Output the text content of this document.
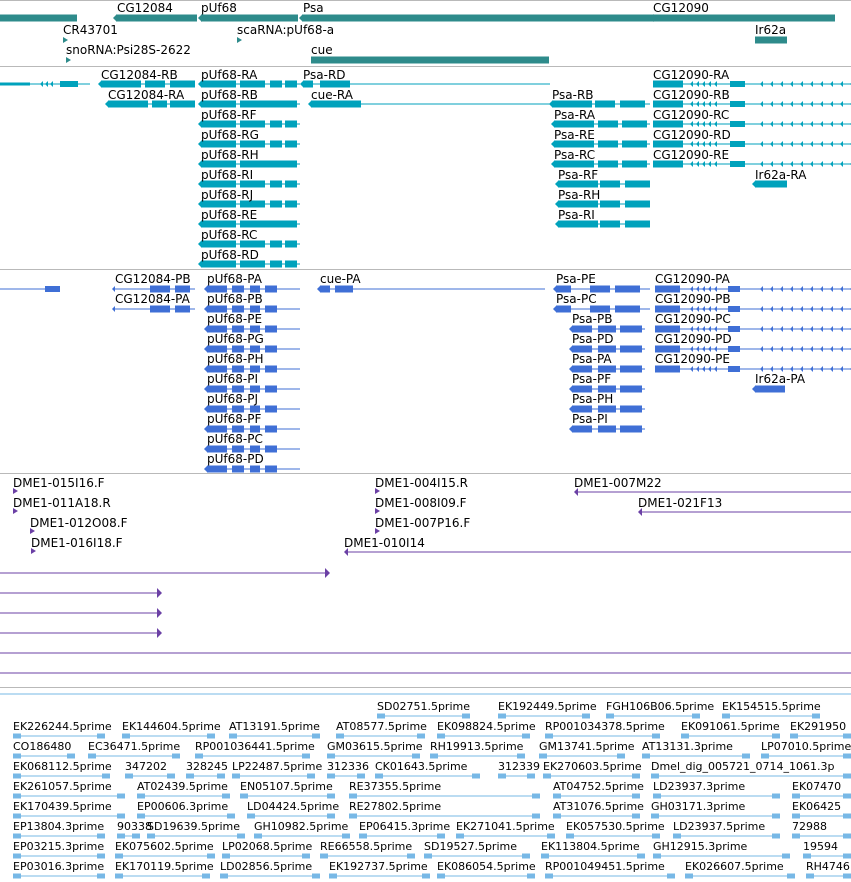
CG12084 pUf68	Psa	CG12090
CR43701
snoRNA:Psi28S-2622
scaRNA:pUf68-a	Ir62a
cue
CG12084-RB
CG12084-RA
pUf68-RA
pUf68-RB
pUf68-RF
pUf68-RG
pUf68-RH
pUf68-RI
pUf68-RJ
pUf68-RE
pUf68-RC
pUf68-RD
Psa-RD
cue-RA	Psa-RB
Psa-RA
Psa-RE
Psa-RC
Psa-RF
Psa-RH
Psa-RI
CG12090-RA
CG12090-RB
CG12090-RC
CG12090-RD
CG12090-RE
Ir62a-RA
CG12084-PB
CG12084-PA
pUf68-PA
pUf68-PB
pUf68-PE
pUf68-PG
pUf68-PH
pUf68-PI
pUf68-PJ
pUf68-PF
pUf68-PC
pUf68-PD
cue-PA	Psa-PE
Psa-PC
Psa-PB
Psa-PD
Psa-PA
Psa-PF
Psa-PH
Psa-PI
CG12090-PA
CG12090-PB
CG12090-PC
CG12090-PD
CG12090-PE
Ir62a-PA
DME1-015I16.F
DME1-011A18.R
DME1-012O08.F
DME1-016I18.F
DME1-004I15.R
DME1-008I09.F
DME1-007P16.F
DME1-010I14
DME1-007M22
DME1-021F13
SD02751.5prime	EK192449.5prime FGH106B06.5prime EK154515.5prime
EK226244.5prime EK144604.5prime AT13191.5prime AT08577.5prime EK098824.5prime RP001034378.5prime EK091061.5prime EK291950
CO186480 EC36471.5prime RP001036441.5prime GM03615.5prime RH19913.5prime GM13741.5prime AT13131.3prime	LP07010.5prime
EK068112.5prime 347202 328245 LP22487.5prime 312336 CK01643.5prime	312339 EK270603.5prime Dmel_dig_005721_0714_1061.3p
EK261057.5prime AT02439.5prime EN05107.5prime RE37355.5prime	AT04752.5prime LD23937.3prime	EK07470
EK170439.5prime EP00606.3prime LD04424.5prime RE27802.5prime	AT31076.5prime GH03171.3prime	EK06425
EP13804.3prime 90338
SD19639.5prime GH10982.5prime EP06415.3prime EK271041.5prime EK057530.5prime LD23937.5prime 72988
EP03215.3prime EK075602.5prime LP02068.5prime RE66558.5prime SD19527.5prime EK113804.5prime GH12915.3prime	19594
EP03016.3prime EK170119.5prime LD02856.5prime EK192737.5prime EK086054.5prime RP001049451.5prime EK026607.5prime RH4746
